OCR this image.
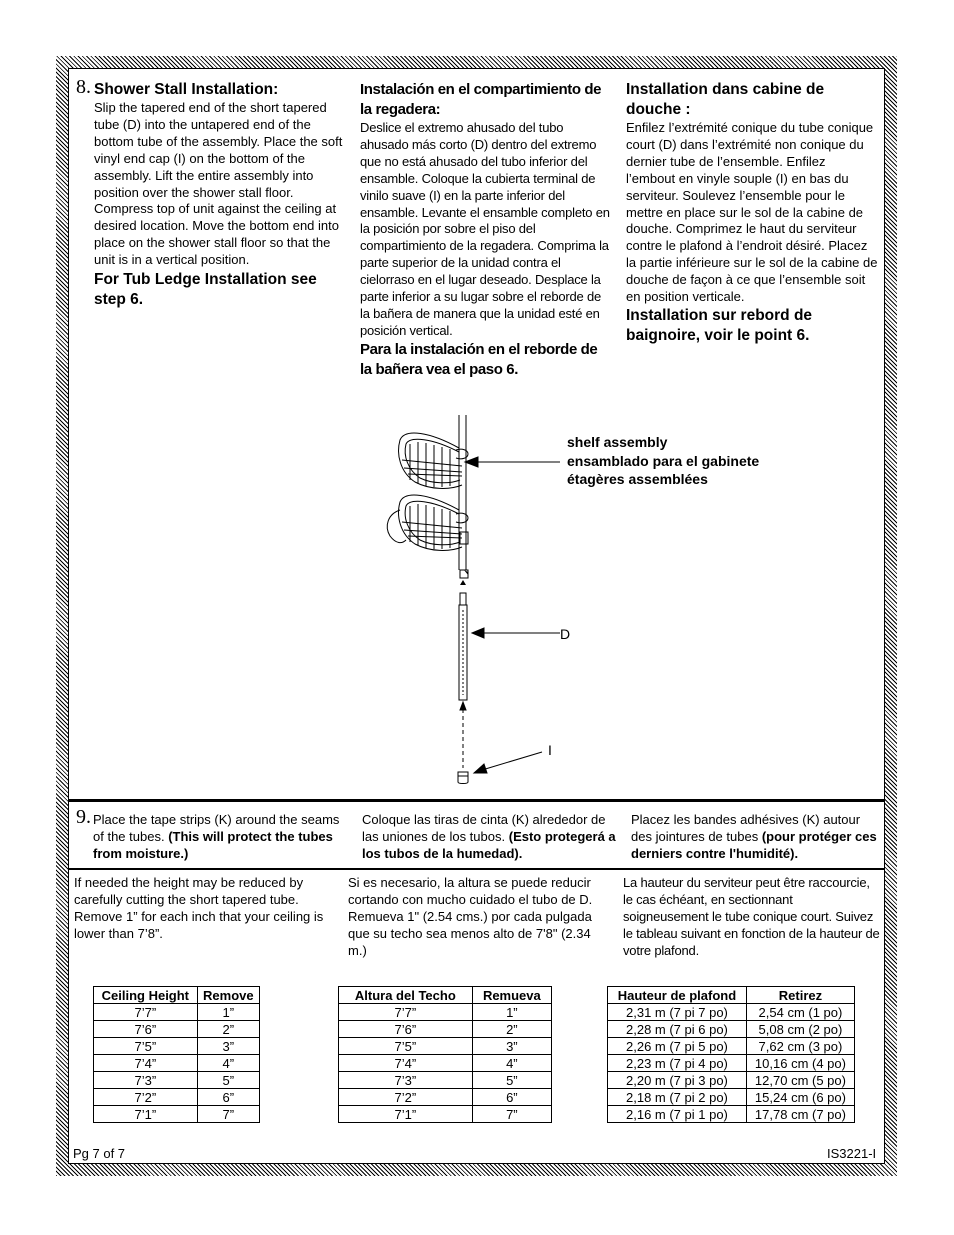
8. Shower Stall Installation:
Slip the tapered end of the short tapered tube (D) into the untapered end of the bottom tube of the assembly. Place the soft vinyl end cap (I) on the bottom of the assembly. Lift the entire assembly into position over the shower stall floor.
Compress top of unit against the ceiling at desired location. Move the bottom end into place on the shower stall floor so that the unit is in a vertical position.
For Tub Ledge Installation see step 6.
Instalación en el compartimiento de la regadera:
Deslice el extremo ahusado del tubo ahusado más corto (D) dentro del extremo que no está ahusado del tubo inferior del ensamble. Coloque la cubierta terminal de vinilo suave (I) en la parte inferior del ensamble. Levante el ensamble completo en la posición por sobre el piso del compartimiento de la regadera. Comprima la parte superior de la unidad contra el cielorraso en el lugar deseado. Desplace la parte inferior a su lugar sobre el reborde de la bañera de manera que la unidad esté en posición vertical.
Para la instalación en el reborde de la bañera vea el paso 6.
Installation dans cabine de douche :
Enfilez l’extrémité conique du tube conique court (D) dans l’extrémité non conique du dernier tube de l’ensemble. Enfilez l’embout en vinyle souple (I) en bas du serviteur. Soulevez l’ensemble pour le mettre en place sur le sol de la cabine de douche. Comprimez le haut du serviteur contre le plafond à l’endroit désiré. Placez la partie inférieure sur le sol de la cabine de douche de façon à ce que l’ensemble soit en position verticale.
Installation sur rebord de baignoire, voir le point 6.
shelf assembly
ensamblado para el gabinete
étagères assemblées
D
I
9. Place the tape strips (K) around the seams of the tubes. (This will protect the tubes from moisture.)
Coloque las tiras de cinta (K) alrededor de las uniones de los tubos. (Esto protegerá a los tubos de la humedad).
Placez les bandes adhésives (K) autour des jointures de tubes (pour protéger ces derniers contre l'humidité).
If needed the height may be reduced by carefully cutting the short tapered tube. Remove 1” for each inch that your ceiling is lower than 7’8”.
Si es necesario, la altura se puede reducir cortando con mucho cuidado el tubo de D. Remueva 1" (2.54 cms.) por cada pulgada que su techo sea menos alto de 7'8" (2.34 m.)
La hauteur du serviteur peut être raccourcie, le cas échéant, en sectionnant soigneusement le tube conique court. Suivez le tableau suivant en fonction de la hauteur de votre plafond.
Ceiling Height	Remove
7’7”	1”
7’6”	2”
7’5”	3”
7’4”	4”
7’3”	5”
7’2”	6”
7’1”	7”
Altura del Techo	Remueva
7’7”	1”
7’6”	2”
7’5”	3”
7’4”	4”
7’3”	5”
7’2”	6”
7’1”	7”
Hauteur de plafond	Retirez
2,31 m (7 pi 7 po)	2,54 cm (1 po)
2,28 m (7 pi 6 po)	5,08 cm (2 po)
2,26 m (7 pi 5 po)	7,62 cm (3 po)
2,23 m (7 pi 4 po)	10,16 cm (4 po)
2,20 m (7 pi 3 po)	12,70 cm (5 po)
2,18 m (7 pi 2 po)	15,24 cm (6 po)
2,16 m (7 pi 1 po)	17,78 cm (7 po)
Pg 7 of 7	IS3221-I
